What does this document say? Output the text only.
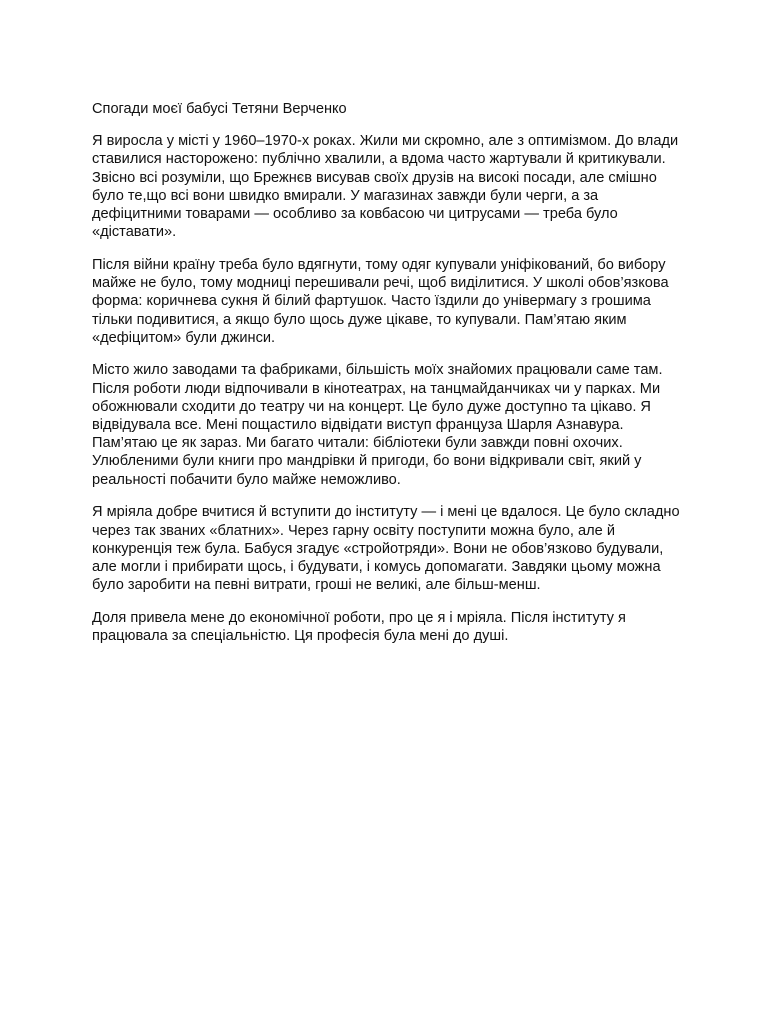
Спогади моєї бабусі Тетяни Верченко

Я виросла у місті у 1960–1970-х роках. Жили ми скромно, але з оптимізмом. До влади
ставилися насторожено: публічно хвалили, а вдома часто жартували й критикували.
Звісно всі розуміли, що Брежнєв висував своїх друзів на високі посади, але смішно
було те,що всі вони швидко вмирали. У магазинах завжди були черги, а за
дефіцитними товарами — особливо за ковбасою чи цитрусами — треба було
«діставати».

Після війни країну треба було вдягнути, тому одяг купували уніфікований, бо вибору
майже не було, тому модниці перешивали речі, щоб виділитися. У школі обов’язкова
форма: коричнева сукня й білий фартушок. Часто їздили до універмагу з грошима
тільки подивитися, а якщо було щось дуже цікаве, то купували. Пам’ятаю яким
«дефіцитом» були джинси.

Місто жило заводами та фабриками, більшість моїх знайомих працювали саме там.
Після роботи люди відпочивали в кінотеатрах, на танцмайданчиках чи у парках. Ми
обожнювали сходити до театру чи на концерт. Це було дуже доступно та цікаво. Я
відвідувала все. Мені пощастило відвідати виступ француза Шарля Азнавура.
Пам’ятаю це як зараз. Ми багато читали: бібліотеки були завжди повні охочих.
Улюбленими були книги про мандрівки й пригоди, бо вони відкривали світ, який у
реальності побачити було майже неможливо.

Я мріяла добре вчитися й вступити до інституту — і мені це вдалося. Це було складно
через так званих «блатних». Через гарну освіту поступити можна було, але й
конкуренція теж була. Бабуся згадує «стройотряди». Вони не обов’язково будували,
але могли і прибирати щось, і будувати, і комусь допомагати. Завдяки цьому можна
було заробити на певні витрати, гроші не великі, але більш-менш.

Доля привела мене до економічної роботи, про це я і мріяла. Після інституту я
працювала за спеціальністю. Ця професія була мені до душі.
